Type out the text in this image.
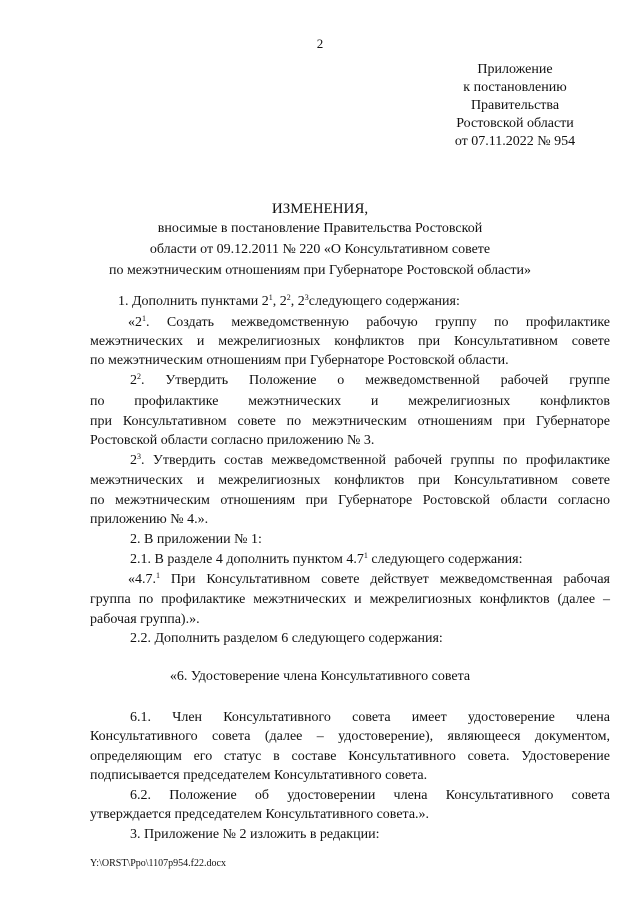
2
Приложение
к постановлению
Правительства
Ростовской области
от 07.11.2022 № 954
ИЗМЕНЕНИЯ,
вносимые в постановление Правительства Ростовской
области от 09.12.2011 № 220 «О Консультативном совете
по межэтническим отношениям при Губернаторе Ростовской области»
1. Дополнить пунктами $2^1$, $2^2$, $2^3следующего$ содержания:
«$2^1$. Создать межведомственную рабочую группу по профилактике
межэтнических и межрелигиозных конфликтов при Консультативном совете
по межэтническим отношениям при Губернаторе Ростовской области.
$2^2$. Утвердить Положение о межведомственной рабочей группе
по профилактике межэтнических и межрелигиозных конфликтов
при Консультативном совете по межэтническим отношениям при Губернаторе
Ростовской области согласно приложению № 3.
$2^3$. Утвердить состав межведомственной рабочей группы по профилактике
межэтнических и межрелигиозных конфликтов при Консультативном совете
по межэтническим отношениям при Губернаторе Ростовской области согласно
приложению № 4.».
2. В приложении № 1:
2.1. В разделе 4 дополнить пунктом $4.7^1$ следующего содержания:
«4.7.$^1$ При Консультативном совете действует межведомственная рабочая
группа по профилактике межэтнических и межрелигиозных конфликтов (далее –
рабочая группа).».
2.2. Дополнить разделом 6 следующего содержания:
«6. Удостоверение члена Консультативного совета
6.1. Член Консультативного совета имеет удостоверение члена
Консультативного совета (далее – удостоверение), являющееся документом,
определяющим его статус в составе Консультативного совета. Удостоверение
подписывается председателем Консультативного совета.
6.2. Положение об удостоверении члена Консультативного совета
утверждается председателем Консультативного совета.».
3. Приложение № 2 изложить в редакции:
Y:\ORST\Ppo\1107p954.f22.docx
